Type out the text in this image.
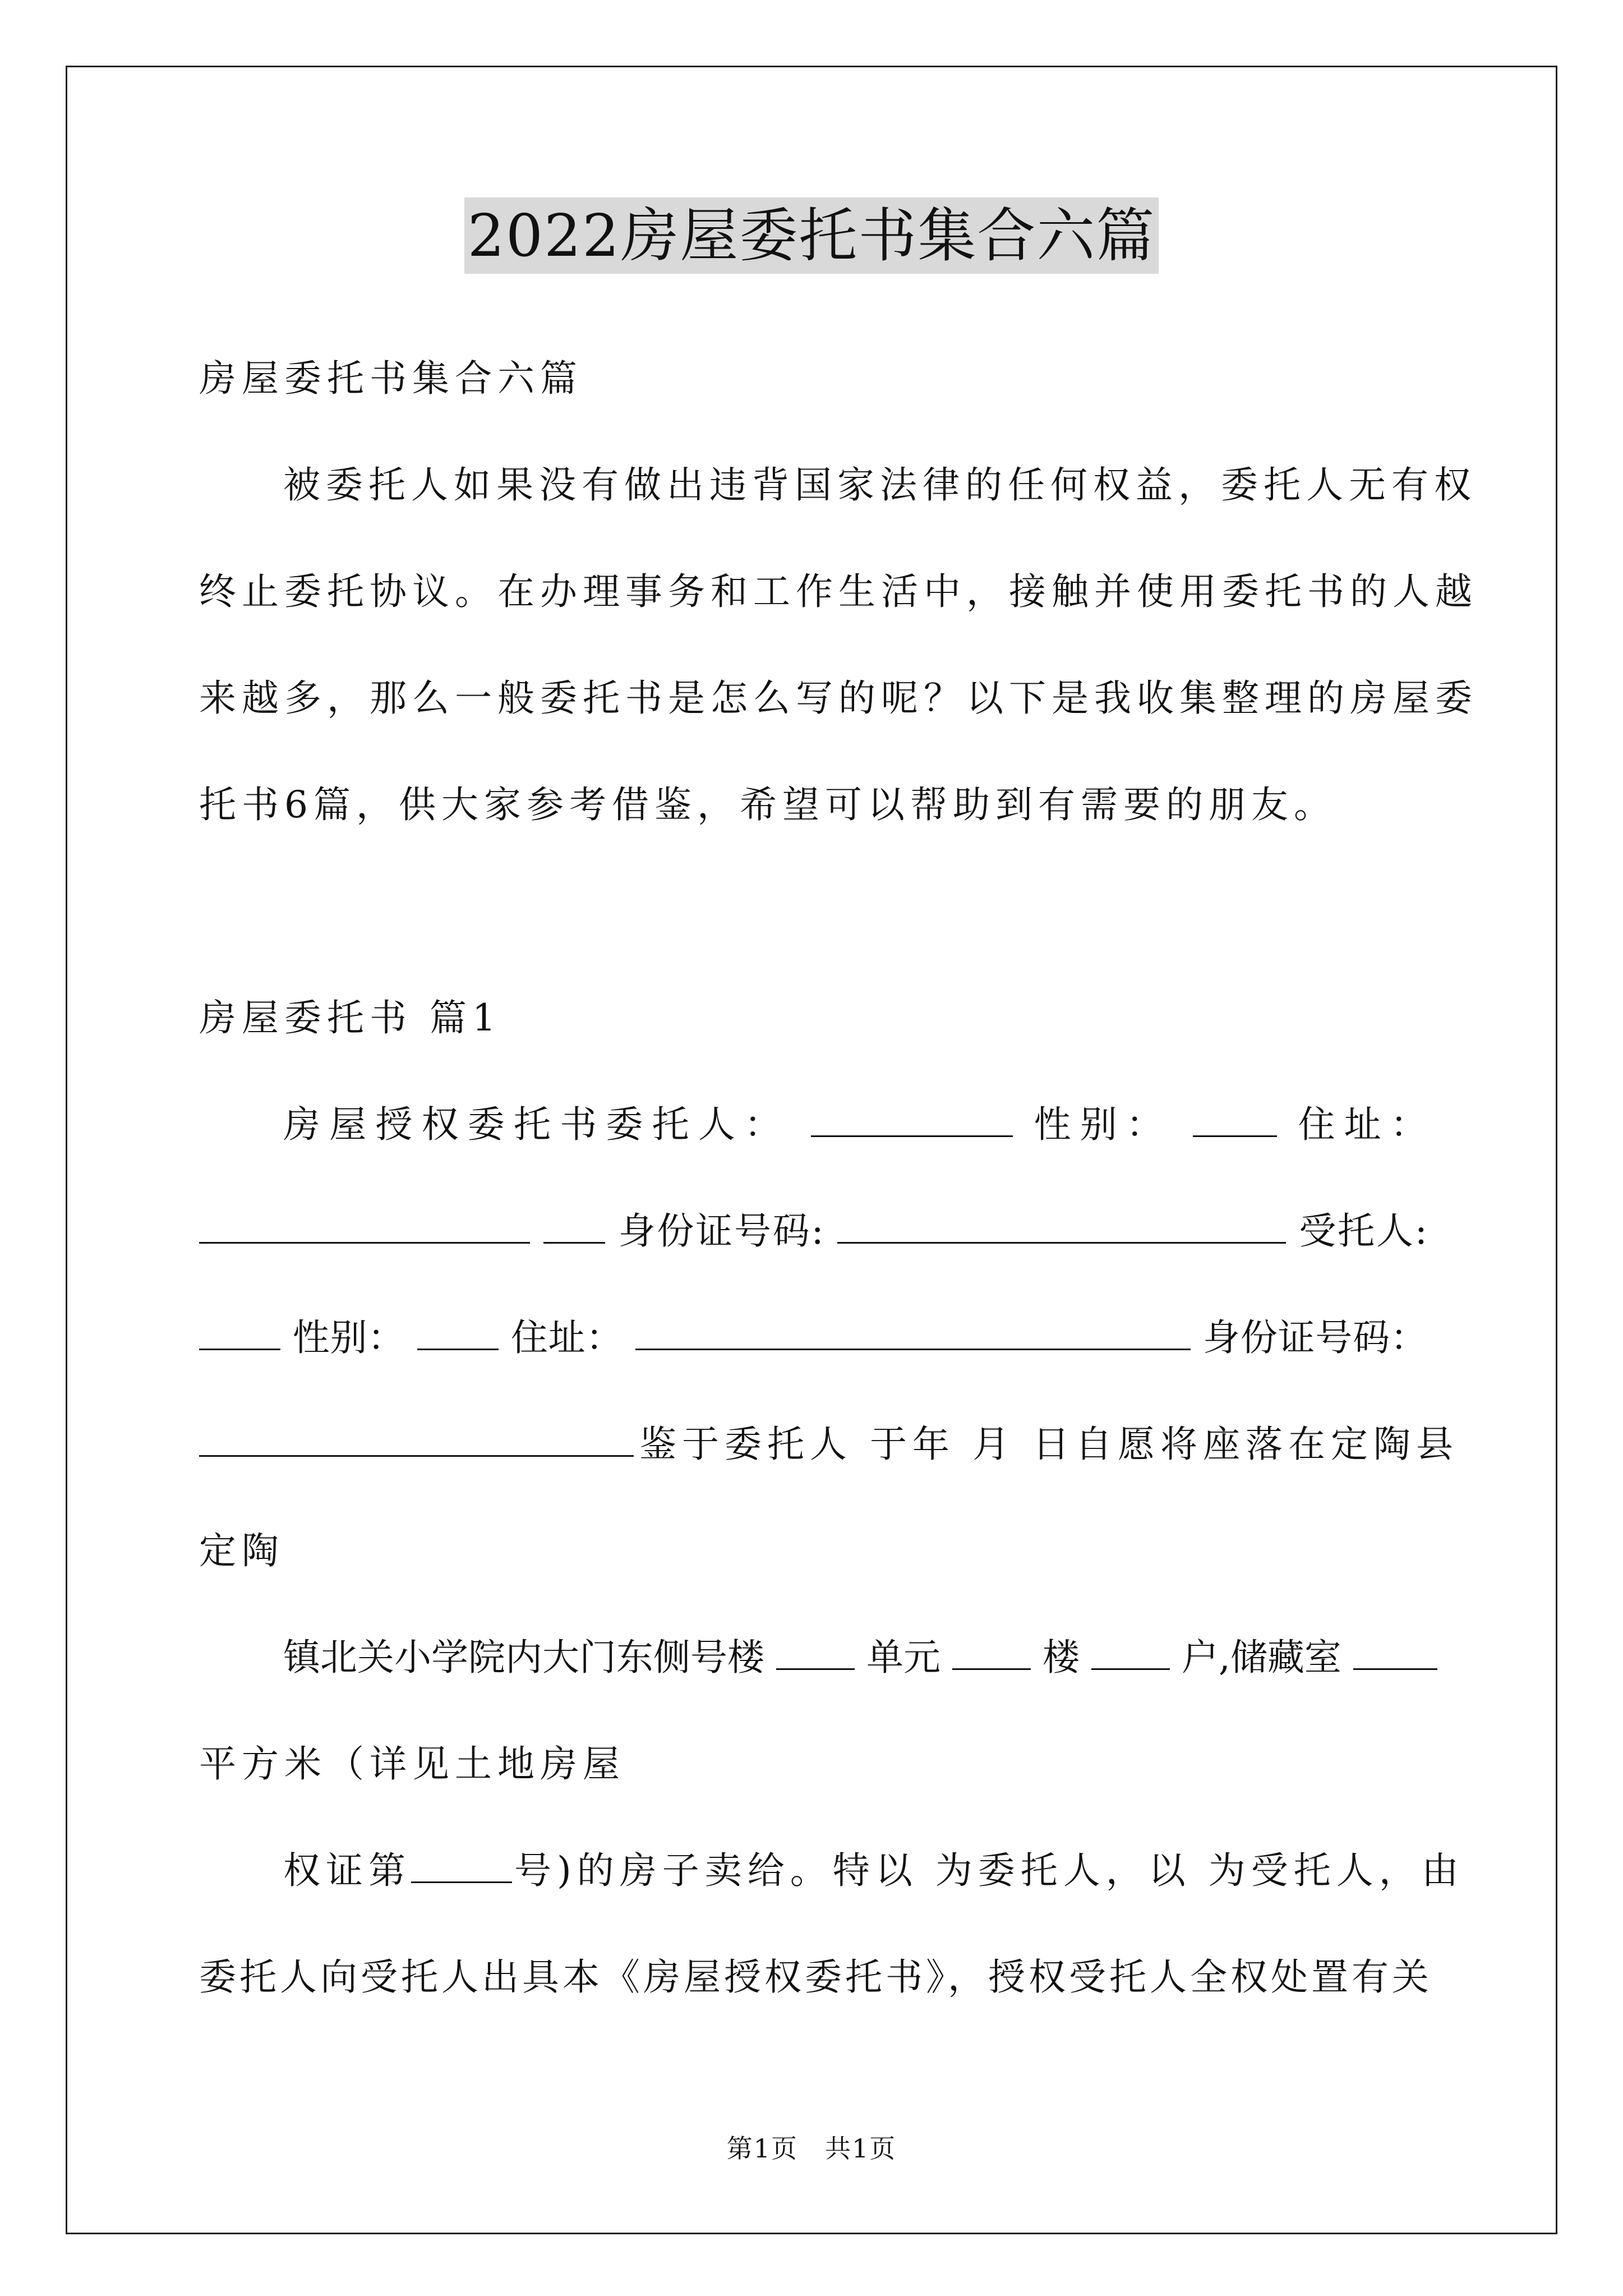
2022房屋委托书集合六篇
房屋委托书集合六篇
被委托人如果没有做出违背国家法律的任何权益，委托人无有权
终止委托协议。在办理事务和工作生活中，接触并使用委托书的人越
来越多，那么一般委托书是怎么写的呢？以下是我收集整理的房屋委
托书6篇，供大家参考借鉴，希望可以帮助到有需要的朋友。
房屋委托书 篇1
房屋授权委托书委托人：	性别：	住址：
身份证号码:	受托人:
性别：	住址：	身份证号码：
鉴于委托人 于年 月 日自愿将座落在定陶县
定陶
镇北关小学院内大门东侧号楼	单元	楼	户,储藏室
平方米（详见土地房屋
权证第	号)的房子卖给。特以 为委托人，以 为受托人，由
委托人向受托人出具本《房屋授权委托书》，授权受托人全权处置有关
第1页　共1页
